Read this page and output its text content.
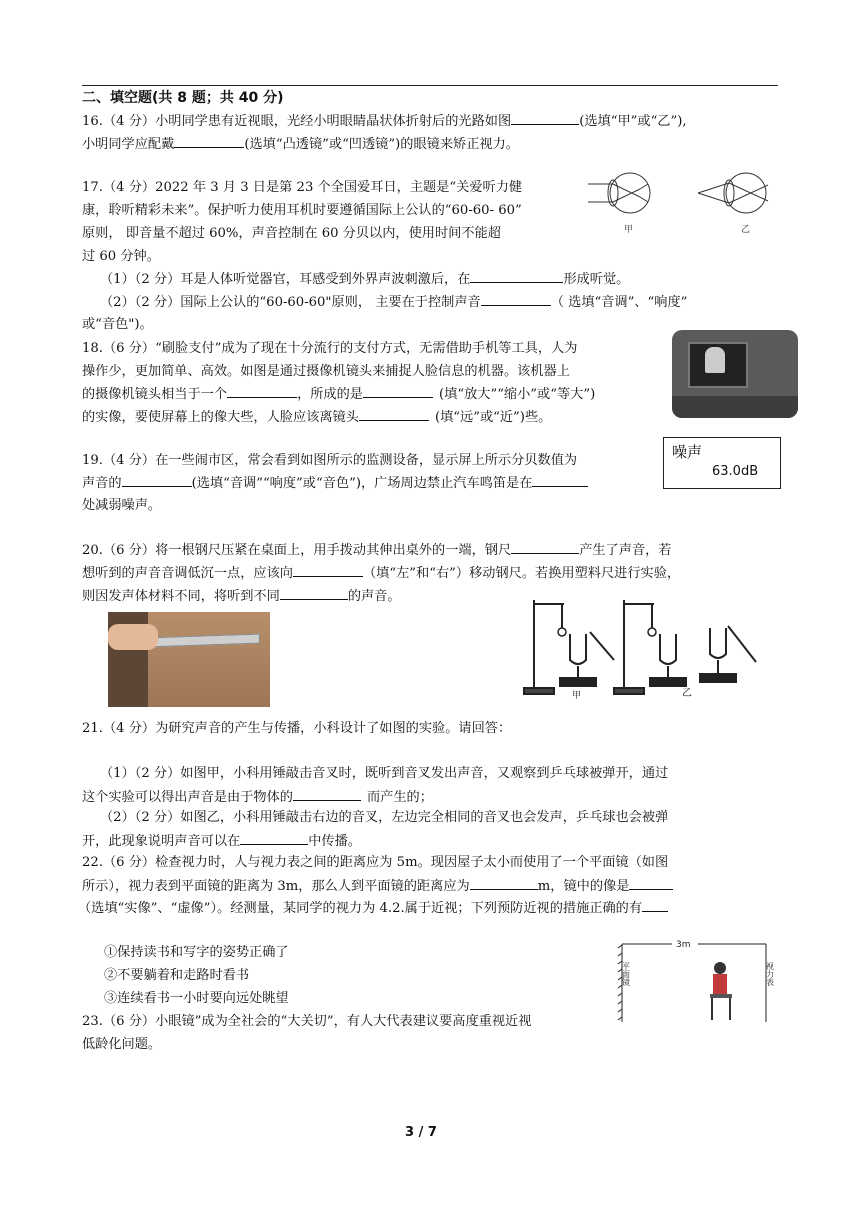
二、填空题(共 8 题；共 40 分)
16.（4 分）小明同学患有近视眼，光经小明眼睛晶状体折射后的光路如图	(选填“甲”或“乙”),
小明同学应配戴	(选填“凸透镜”或“凹透镜”)的眼镜来矫正视力。
17.（4 分）2022 年 3 月 3 日是第 23 个全国爱耳日，主题是“关爱听力健
康，聆听精彩未来”。保护听力使用耳机时要遵循国际上公认的“60-60- 60”
原则， 即音量不超过 60%，声音控制在 60 分贝以内，使用时间不能超
过 60 分钟。
（1）（2 分）耳是人体听觉器官，耳感受到外界声波刺激后，在	形成听觉。
（2）（2 分）国际上公认的“60-60-60"原则， 主要在于控制声音	（ 选填“音调”、“响度”
或“音色")。
甲	乙
18.（6 分）“刷脸支付”成为了现在十分流行的支付方式，无需借助手机等工具，人为
操作少，更加简单、高效。如图是通过摄像机镜头来捕捉人脸信息的机器。该机器上
的摄像机镜头相当于一个	，所成的是	(填“放大”“缩小”或“等大”)
的实像，要使屏幕上的像大些，人脸应该离镜头	(填“远”或“近”)些。
19.（4 分）在一些闹市区，常会看到如图所示的监测设备，显示屏上所示分贝数值为
声音的	(选填“音调”“响度”或“音色”)，广场周边禁止汽车鸣笛是在
处减弱噪声。
噪声
63.0dB
20.（6 分）将一根钢尺压紧在桌面上，用手拨动其伸出桌外的一端，钢尺	产生了声音，若
想听到的声音音调低沉一点，应该向	（填“左”和“右”）移动钢尺。若换用塑料尺进行实验，
则因发声体材料不同，将听到不同	的声音。
甲	乙
21.（4 分）为研究声音的产生与传播，小科设计了如图的实验。请回答：
（1）（2 分）如图甲，小科用锤敲击音叉时，既听到音叉发出声音，又观察到乒乓球被弹开，通过
这个实验可以得出声音是由于物体的	而产生的；
（2）（2 分）如图乙，小科用锤敲击右边的音叉，左边完全相同的音叉也会发声，乒乓球也会被弹
开，此现象说明声音可以在	中传播。
22.（6 分）检查视力时，人与视力表之间的距离应为 5m。现因屋子太小而使用了一个平面镜（如图
所示），视力表到平面镜的距离为 3m，那么人到平面镜的距离应为	m，镜中的像是
（选填“实像”、“虚像”）。经测量，某同学的视力为 4.2.属于近视；下列预防近视的措施正确的有
①保持读书和写字的姿势正确了
②不要躺着和走路时看书
③连续看书一小时要向远处眺望
3m
平面镜	视力表
23.（6 分）小眼镜”成为全社会的“大关切”，有人大代表建议要高度重视近视
低龄化问题。
3 / 7
